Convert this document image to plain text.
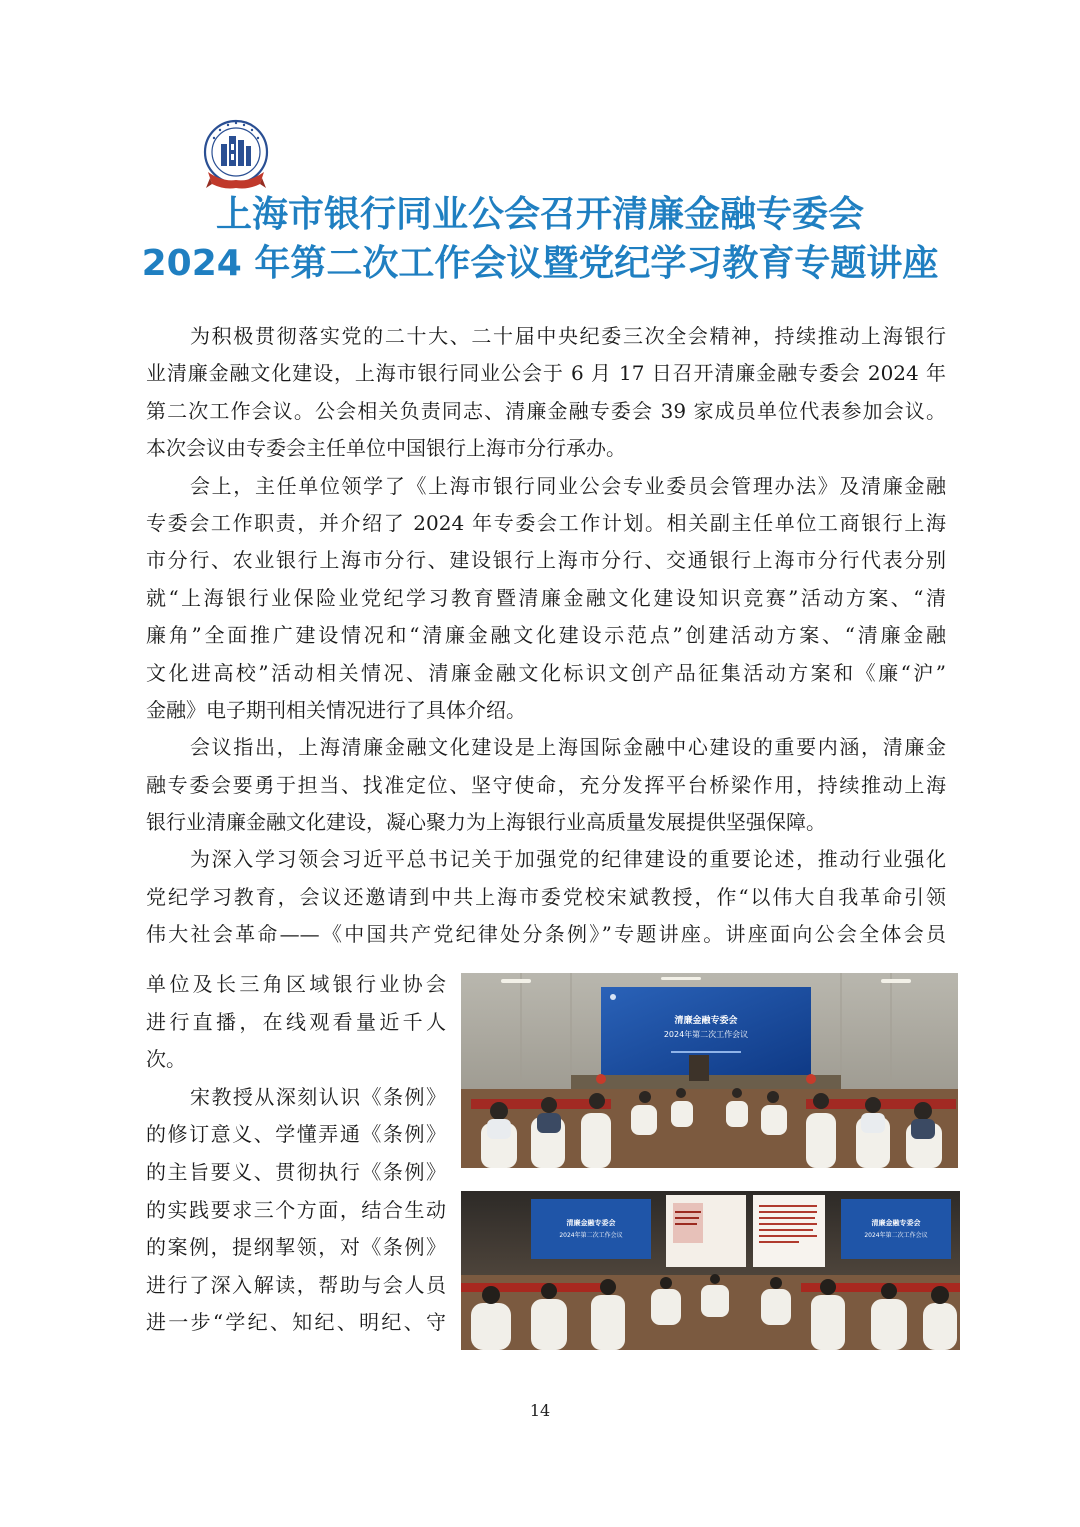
上海市银行同业公会召开清廉金融专委会
2024 年第二次工作会议暨党纪学习教育专题讲座

为积极贯彻落实党的二十大、二十届中央纪委三次全会精神，持续推动上海银行
业清廉金融文化建设，上海市银行同业公会于 6 月 17 日召开清廉金融专委会 2024 年
第二次工作会议。公会相关负责同志、清廉金融专委会 39 家成员单位代表参加会议。
本次会议由专委会主任单位中国银行上海市分行承办。

会上，主任单位领学了《上海市银行同业公会专业委员会管理办法》及清廉金融
专委会工作职责，并介绍了 2024 年专委会工作计划。相关副主任单位工商银行上海
市分行、农业银行上海市分行、建设银行上海市分行、交通银行上海市分行代表分别
就“上海银行业保险业党纪学习教育暨清廉金融文化建设知识竞赛”活动方案、“清
廉角”全面推广建设情况和“清廉金融文化建设示范点”创建活动方案、“清廉金融
文化进高校”活动相关情况、清廉金融文化标识文创产品征集活动方案和《廉“沪”
金融》电子期刊相关情况进行了具体介绍。

会议指出，上海清廉金融文化建设是上海国际金融中心建设的重要内涵，清廉金
融专委会要勇于担当、找准定位、坚守使命，充分发挥平台桥梁作用，持续推动上海
银行业清廉金融文化建设，凝心聚力为上海银行业高质量发展提供坚强保障。

为深入学习领会习近平总书记关于加强党的纪律建设的重要论述，推动行业强化
党纪学习教育，会议还邀请到中共上海市委党校宋斌教授，作“以伟大自我革命引领
伟大社会革命——《中国共产党纪律处分条例》”专题讲座。讲座面向公会全体会员

单位及长三角区域银行业协会
进行直播，在线观看量近千人
次。
宋教授从深刻认识《条例》
的修订意义、学懂弄通《条例》
的主旨要义、贯彻执行《条例》
的实践要求三个方面，结合生动
的案例，提纲挈领，对《条例》
进行了深入解读，帮助与会人员
进一步“学纪、知纪、明纪、守
清廉金融专委会
2024年第二次工作会议
清廉金融专委会
2024年第二次工作会议
清廉金融专委会
2024年第二次工作会议
14
